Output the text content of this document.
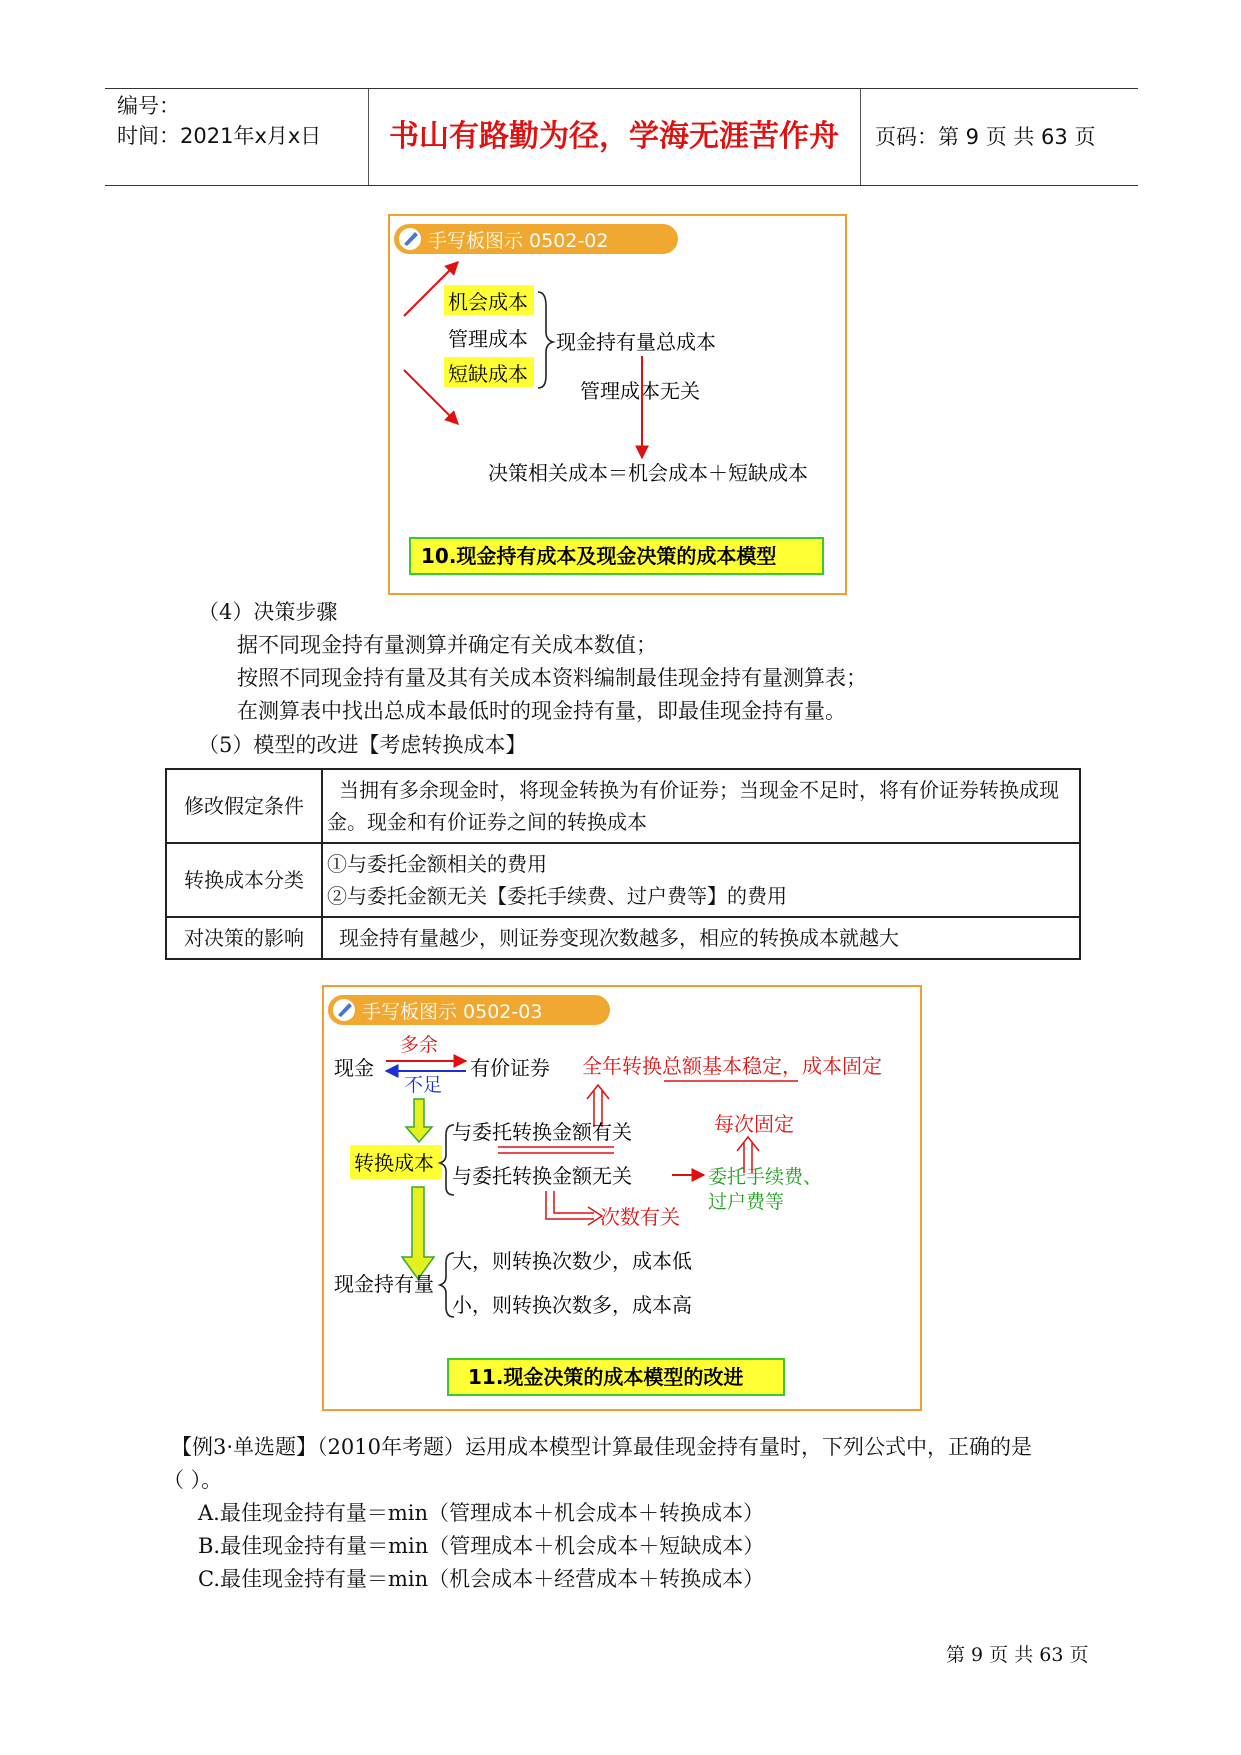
编号：
时间：2021年x月x日	书山有路勤为径，学海无涯苦作舟	页码：第 9 页 共 63 页
手写板图示 0502-02
机会成本
管理成本
短缺成本
现金持有量总成本
管理成本无关
决策相关成本＝机会成本＋短缺成本
10.现金持有成本及现金决策的成本模型
（4）决策步骤
据不同现金持有量测算并确定有关成本数值；
按照不同现金持有量及其有关成本资料编制最佳现金持有量测算表；
在测算表中找出总成本最低时的现金持有量，即最佳现金持有量。
（5）模型的改进【考虑转换成本】
修改假定条件	当拥有多余现金时，将现金转换为有价证券；当现金不足时，将有价证券转换成现金。现金和有价证券之间的转换成本
转换成本分类	①与委托金额相关的费用
②与委托金额无关【委托手续费、过户费等】的费用
对决策的影响	现金持有量越少，则证券变现次数越多，相应的转换成本就越大
手写板图示 0502-03
现金
多余
不足
有价证券 全年转换总额基本稳定，成本固定
转换成本
与委托转换金额有关
与委托转换金额无关
每次固定
委托手续费、
过户费等
次数有关
现金持有量
大，则转换次数少，成本低
小，则转换次数多，成本高
11.现金决策的成本模型的改进
【例3·单选题】（2010年考题）运用成本模型计算最佳现金持有量时，下列公式中，正确的是
（ ）。
A.最佳现金持有量＝min（管理成本＋机会成本＋转换成本）
B.最佳现金持有量＝min（管理成本＋机会成本＋短缺成本）
C.最佳现金持有量＝min（机会成本＋经营成本＋转换成本）
第 9 页 共 63 页
